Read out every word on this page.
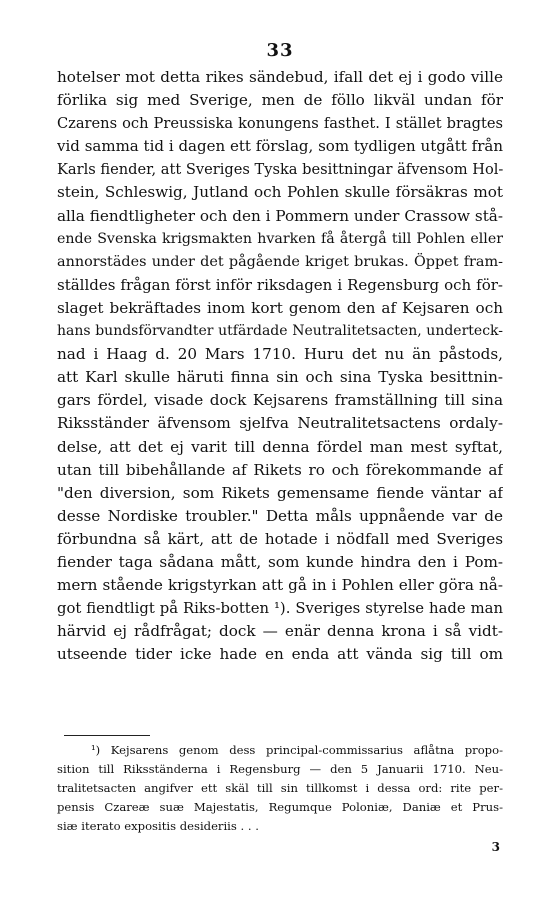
33
hotelser mot detta rikes sändebud, ifall det ej i godo ville
förlika sig med Sverige, men de föllo likväl undan för
Czarens och Preussiska konungens fasthet. I stället bragtes
vid samma tid i dagen ett förslag, som tydligen utgått från
Karls fiender, att Sveriges Tyska besittningar äfvensom Hol-
stein, Schleswig, Jutland och Pohlen skulle försäkras mot
alla fiendtligheter och den i Pommern under Crassow stå-
ende Svenska krigsmakten hvarken få återgå till Pohlen eller
annorstädes under det pågående kriget brukas. Öppet fram-
ställdes frågan först inför riksdagen i Regensburg och för-
slaget bekräftades inom kort genom den af Kejsaren och
hans bundsförvandter utfärdade Neutralitetsacten, underteck-
nad i Haag d. 20 Mars 1710. Huru det nu än påstods,
att Karl skulle häruti finna sin och sina Tyska besittnin-
gars fördel, visade dock Kejsarens framställning till sina
Riksständer äfvensom sjelfva Neutralitetsactens ordaly-
delse, att det ej varit till denna fördel man mest syftat,
utan till bibehållande af Rikets ro och förekommande af
"den diversion, som Rikets gemensame fiende väntar af
desse Nordiske troubler." Detta måls uppnående var de
förbundna så kärt, att de hotade i nödfall med Sveriges
fiender taga sådana mått, som kunde hindra den i Pom-
mern stående krigstyrkan att gå in i Pohlen eller göra nå-
got fiendtligt på Riks-botten ¹). Sveriges styrelse hade man
härvid ej rådfrågat; dock — enär denna krona i så vidt-
utseende tider icke hade en enda att vända sig till om
¹) Kejsarens genom dess principal-commissarius aflåtna propo-
sition till Riksständerna i Regensburg — den 5 Januarii 1710. Neu-
tralitetsacten angifver ett skäl till sin tillkomst i dessa ord: rite per-
pensis Czareæ suæ Majestatis, Regumque Poloniæ, Daniæ et Prus-
siæ iterato expositis desideriis . . .
3
